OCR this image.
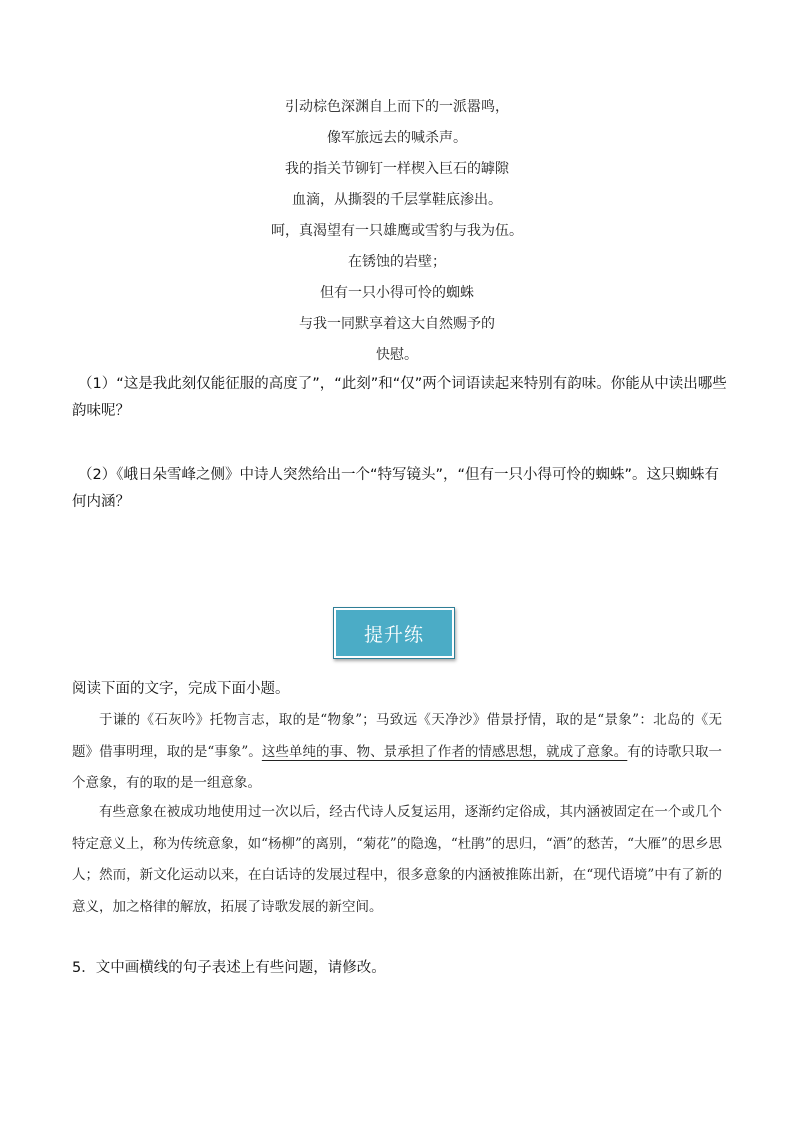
引动棕色深渊自上而下的一派嚣鸣，
像军旅远去的喊杀声。
我的指关节铆钉一样楔入巨石的罅隙
血滴，从撕裂的千层掌鞋底渗出。
呵，真渴望有一只雄鹰或雪豹与我为伍。
在锈蚀的岩壁；
但有一只小得可怜的蜘蛛
与我一同默享着这大自然赐予的
快慰。
（1）“这是我此刻仅能征服的高度了”，“此刻”和“仅”两个词语读起来特别有韵味。你能从中读出哪些韵味呢？
（2）《峨日朵雪峰之侧》中诗人突然给出一个“特写镜头”，“但有一只小得可怜的蜘蛛”。这只蜘蛛有何内涵？
提升练
阅读下面的文字，完成下面小题。
于谦的《石灰吟》托物言志，取的是“物象”；马致远《天净沙》借景抒情，取的是“景象”：北岛的《无题》借事明理，取的是“事象”。这些单纯的事、物、景承担了作者的情感思想，就成了意象。有的诗歌只取一个意象，有的取的是一组意象。
有些意象在被成功地使用过一次以后，经古代诗人反复运用，逐渐约定俗成，其内涵被固定在一个或几个特定意义上，称为传统意象，如“杨柳”的离别，“菊花”的隐逸，“杜鹃”的思归，“酒”的愁苦，“大雁”的思乡思人；然而，新文化运动以来，在白话诗的发展过程中，很多意象的内涵被推陈出新，在“现代语境”中有了新的意义，加之格律的解放，拓展了诗歌发展的新空间。
5．文中画横线的句子表述上有些问题，请修改。
